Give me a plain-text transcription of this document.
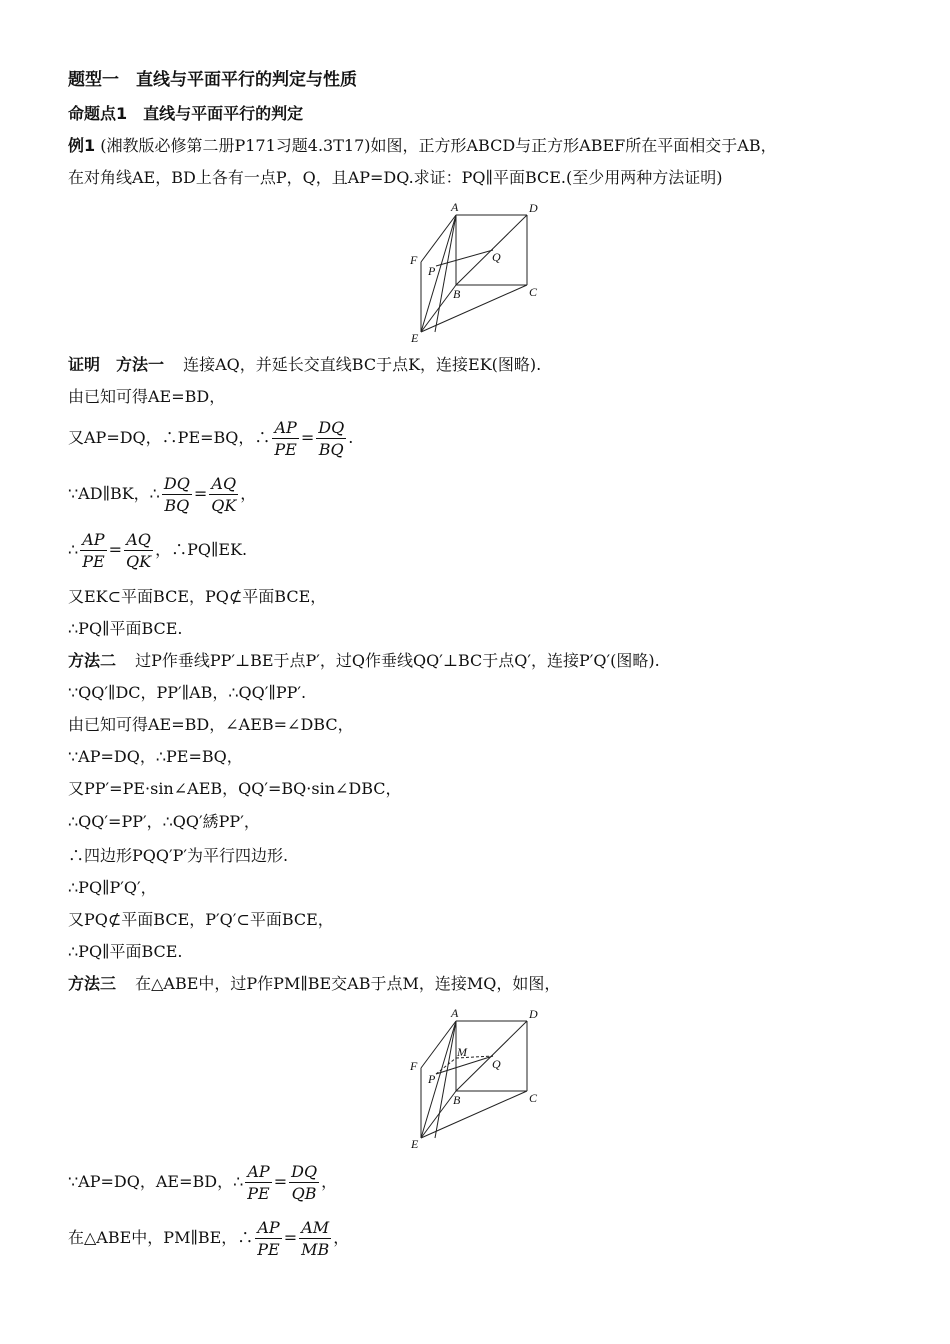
题型一　直线与平面平行的判定与性质
命题点1　直线与平面平行的判定
例1 (湘教版必修第二册P171习题4.3T17)如图，正方形ABCD与正方形ABEF所在平面相交于AB，
在对角线AE，BD上各有一点P，Q，且AP=DQ.求证：PQ∥平面BCE.(至少用两种方法证明)
A	D
F
P
Q
B	C
E
证明　方法一 连接AQ，并延长交直线BC于点K，连接EK(图略).
由已知可得AE=BD，
又AP=DQ，∴PE=BQ，∴ $\frac{AP}{PE} = \frac{DQ}{BQ}$ .
∵AD∥BK，∴ $\frac{DQ}{BQ} = \frac{AQ}{QK}$ ，
∴ $\frac{AP}{PE} = \frac{AQ}{QK}$ ，∴PQ∥EK.
又EK⊂平面BCE，PQ⊄平面BCE，
∴PQ∥平面BCE.
方法二 过P作垂线PP′⊥BE于点P′，过Q作垂线QQ′⊥BC于点Q′，连接P′Q′(图略).
∵QQ′∥DC，PP′∥AB，∴QQ′∥PP′.
由已知可得AE=BD，∠AEB=∠DBC，
∵AP=DQ，∴PE=BQ，
又PP′=PE·sin∠AEB，QQ′=BQ·sin∠DBC，
∴QQ′=PP′，∴QQ′綉PP′，
∴四边形PQQ′P′为平行四边形.
∴PQ∥P′Q′，
又PQ⊄平面BCE，P′Q′⊂平面BCE，
∴PQ∥平面BCE.
方法三 在△ABE中，过P作PM∥BE交AB于点M，连接MQ，如图，
A	D
F
M
P
Q
B	C
E
∵AP=DQ，AE=BD，∴ $\frac{AP}{PE} = \frac{DQ}{QB}$ ，
在△ABE中，PM∥BE，∴ $\frac{AP}{PE} = \frac{AM}{MB}$ ，
